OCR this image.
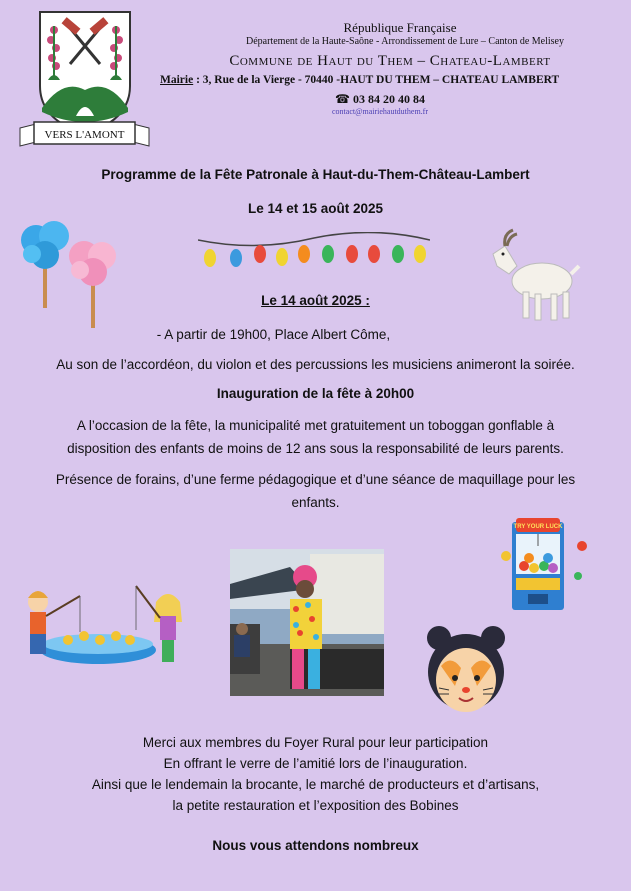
VERS L'AMONT
République Française
Département de la Haute-Saône - Arrondissement de Lure – Canton de Melisey
Commune de Haut du Them – Chateau-Lambert
Mairie : 3, Rue de la Vierge - 70440 -HAUT DU THEM – CHATEAU LAMBERT
☎ 03 84 20 40 84
contact@mairiehautduthem.fr
Programme de la Fête Patronale à Haut-du-Them-Château-Lambert
Le 14 et 15 août 2025
Le 14 août 2025 :
- A partir de 19h00, Place Albert Côme,
Au son de l’accordéon, du violon et des percussions les musiciens animeront la soirée.
Inauguration de la fête à 20h00
A l’occasion de la fête, la municipalité met gratuitement un toboggan gonflable à
disposition des enfants de moins de 12 ans sous la responsabilité de leurs parents.
Présence de forains, d’une ferme pédagogique et d’une séance de maquillage pour les
enfants.
TRY YOUR LUCK
Merci aux membres du Foyer Rural pour leur participation
En offrant le verre de l’amitié lors de l’inauguration.
Ainsi que le lendemain la brocante, le marché de producteurs et d’artisans,
la petite restauration et l’exposition des Bobines
Nous vous attendons nombreux
